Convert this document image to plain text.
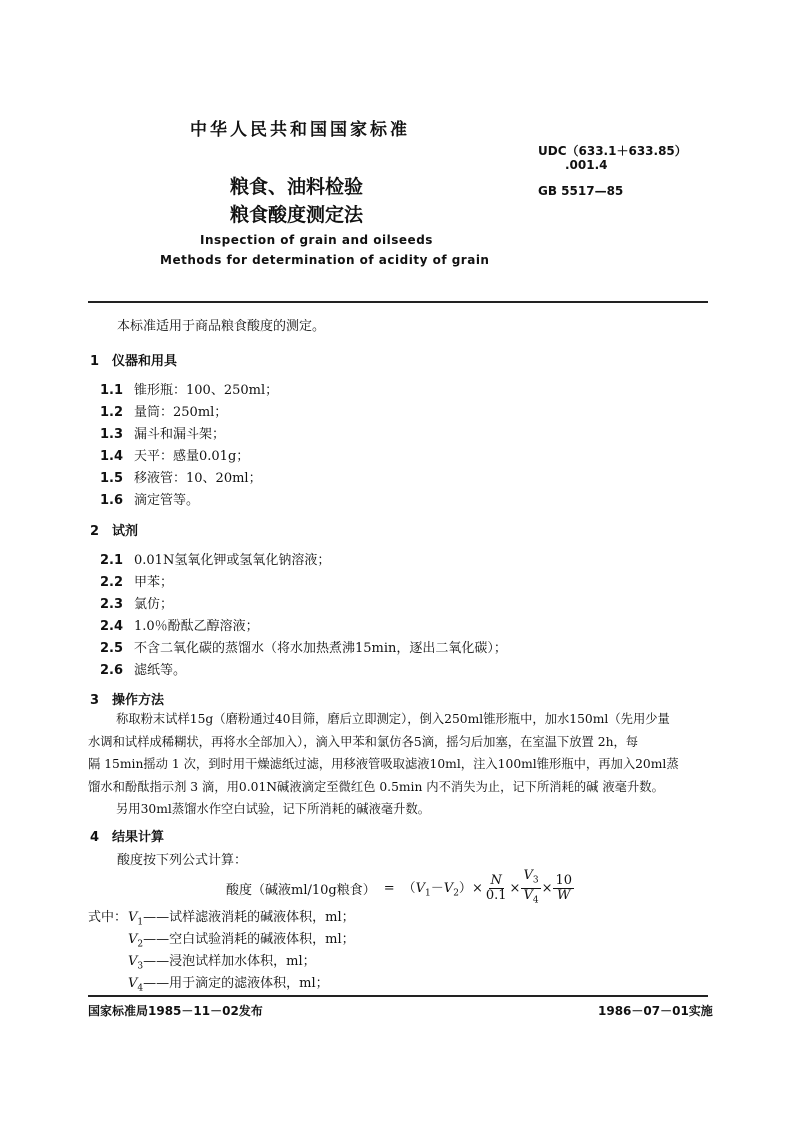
中华人民共和国国家标准
UDC（633.1＋633.85）
.001.4
GB 5517—85
粮食、油料检验
粮食酸度测定法
Inspection of grain and oilseeds
Methods for determination of acidity of grain
本标准适用于商品粮食酸度的测定。
1 仪器和用具
1.1 锥形瓶：100、250ml；
1.2 量筒：250ml；
1.3 漏斗和漏斗架；
1.4 天平：感量0.01g；
1.5 移液管：10、20ml；
1.6 滴定管等。
2 试剂
2.1 0.01N氢氧化钾或氢氧化钠溶液；
2.2 甲苯；
2.3 氯仿；
2.4 1.0％酚酞乙醇溶液；
2.5 不含二氧化碳的蒸馏水（将水加热煮沸15min，逐出二氧化碳）；
2.6 滤纸等。
3 操作方法
称取粉末试样15g（磨粉通过40目筛，磨后立即测定），倒入250ml锥形瓶中，加水150ml（先用少量
水调和试样成稀糊状，再将水全部加入），滴入甲苯和氯仿各5滴，摇匀后加塞，在室温下放置 2h，每
隔 15min摇动 1 次，到时用干燥滤纸过滤，用移液管吸取滤液10ml，注入100ml锥形瓶中，再加入20ml蒸
馏水和酚酞指示剂 3 滴，用0.01N碱液滴定至微红色 0.5min 内不消失为止，记下所消耗的碱 液毫升数。
另用30ml蒸馏水作空白试验，记下所消耗的碱液毫升数。
4 结果计算
酸度按下列公式计算：
酸度（碱液ml/10g粮食） = $(V_1-V_2) \times \frac{N}{0.1} \times \frac{V_3}{V_4} \times \frac{10}{W}$
式中： $V_1——$试样滤液消耗的碱液体积，ml；
$V_2——$空白试验消耗的碱液体积，ml；
$V_3——$浸泡试样加水体积，ml；
$V_4——$用于滴定的滤液体积，ml；
国家标准局1985－11－02发布	1986－07－01实施
